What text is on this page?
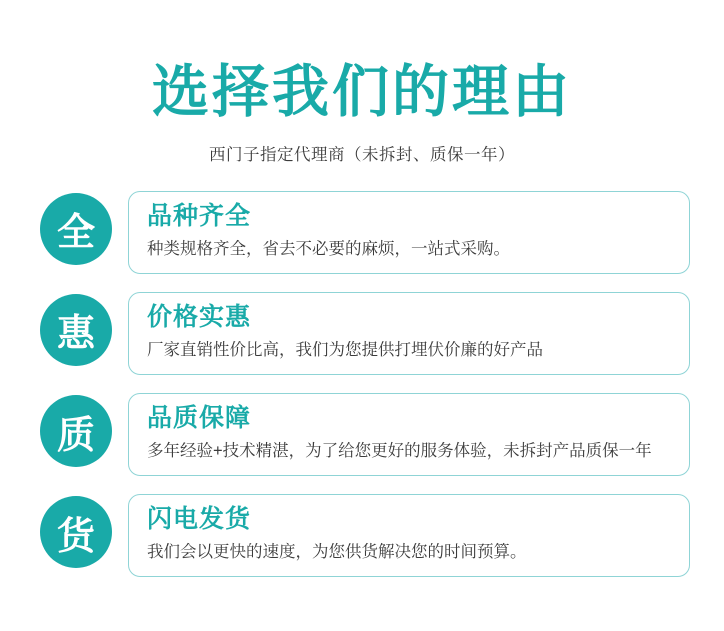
选择我们的理由
西门子指定代理商（未拆封、质保一年）
全	品种齐全
种类规格齐全，省去不必要的麻烦，一站式采购。
惠	价格实惠
厂家直销性价比高，我们为您提供打埋伏价廉的好产品
质	品质保障
多年经验+技术精湛，为了给您更好的服务体验，未拆封产品质保一年
货	闪电发货
我们会以更快的速度，为您供货解决您的时间预算。
